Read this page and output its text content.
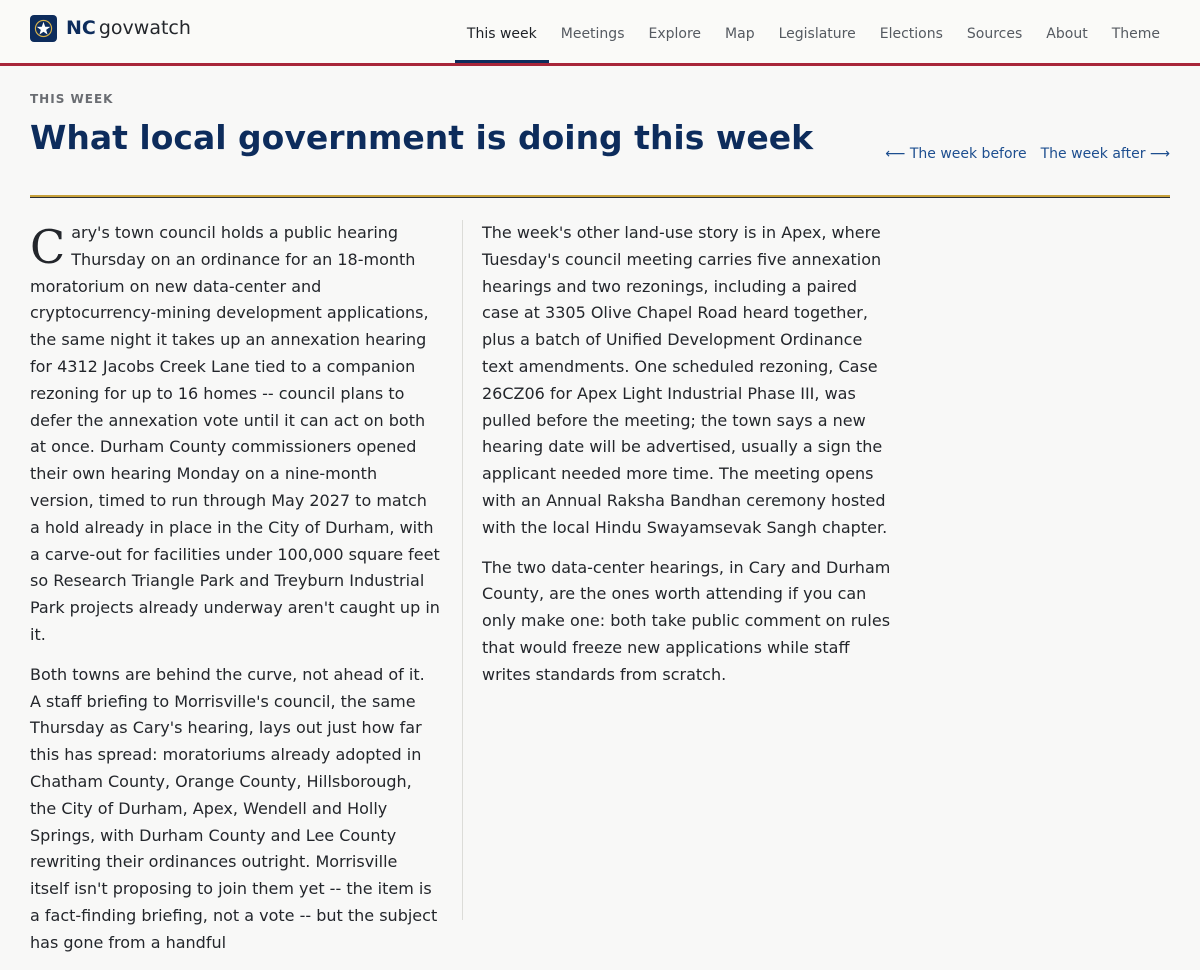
NC govwatch	This week	Meetings	Explore	Map	Legislature	Elections	Sources	About	Theme
THIS WEEK
What local government is doing this week	⟵ The week before The week after ⟶

Cary's town council holds a public hearing Thursday on an ordinance for an 18-month moratorium on new data-center and cryptocurrency-mining development applications, the same night it takes up an annexation hearing for 4312 Jacobs Creek Lane tied to a companion rezoning for up to 16 homes -- council plans to defer the annexation vote until it can act on both at once. Durham County commissioners opened their own hearing Monday on a nine-month version, timed to run through May 2027 to match a hold already in place in the City of Durham, with a carve-out for facilities under 100,000 square feet so Research Triangle Park and Treyburn Industrial Park projects already underway aren't caught up in it.

Both towns are behind the curve, not ahead of it. A staff briefing to Morrisville's council, the same Thursday as Cary's hearing, lays out just how far this has spread: moratoriums already adopted in Chatham County, Orange County, Hillsborough, the City of Durham, Apex, Wendell and Holly Springs, with Durham County and Lee County rewriting their ordinances outright. Morrisville itself isn't proposing to join them yet -- the item is a fact-finding briefing, not a vote -- but the subject has gone from a handful

The week's other land-use story is in Apex, where Tuesday's council meeting carries five annexation hearings and two rezonings, including a paired case at 3305 Olive Chapel Road heard together, plus a batch of Unified Development Ordinance text amendments. One scheduled rezoning, Case 26CZ06 for Apex Light Industrial Phase III, was pulled before the meeting; the town says a new hearing date will be advertised, usually a sign the applicant needed more time. The meeting opens with an Annual Raksha Bandhan ceremony hosted with the local Hindu Swayamsevak Sangh chapter.

The two data-center hearings, in Cary and Durham County, are the ones worth attending if you can only make one: both take public comment on rules that would freeze new applications while staff writes standards from scratch.
